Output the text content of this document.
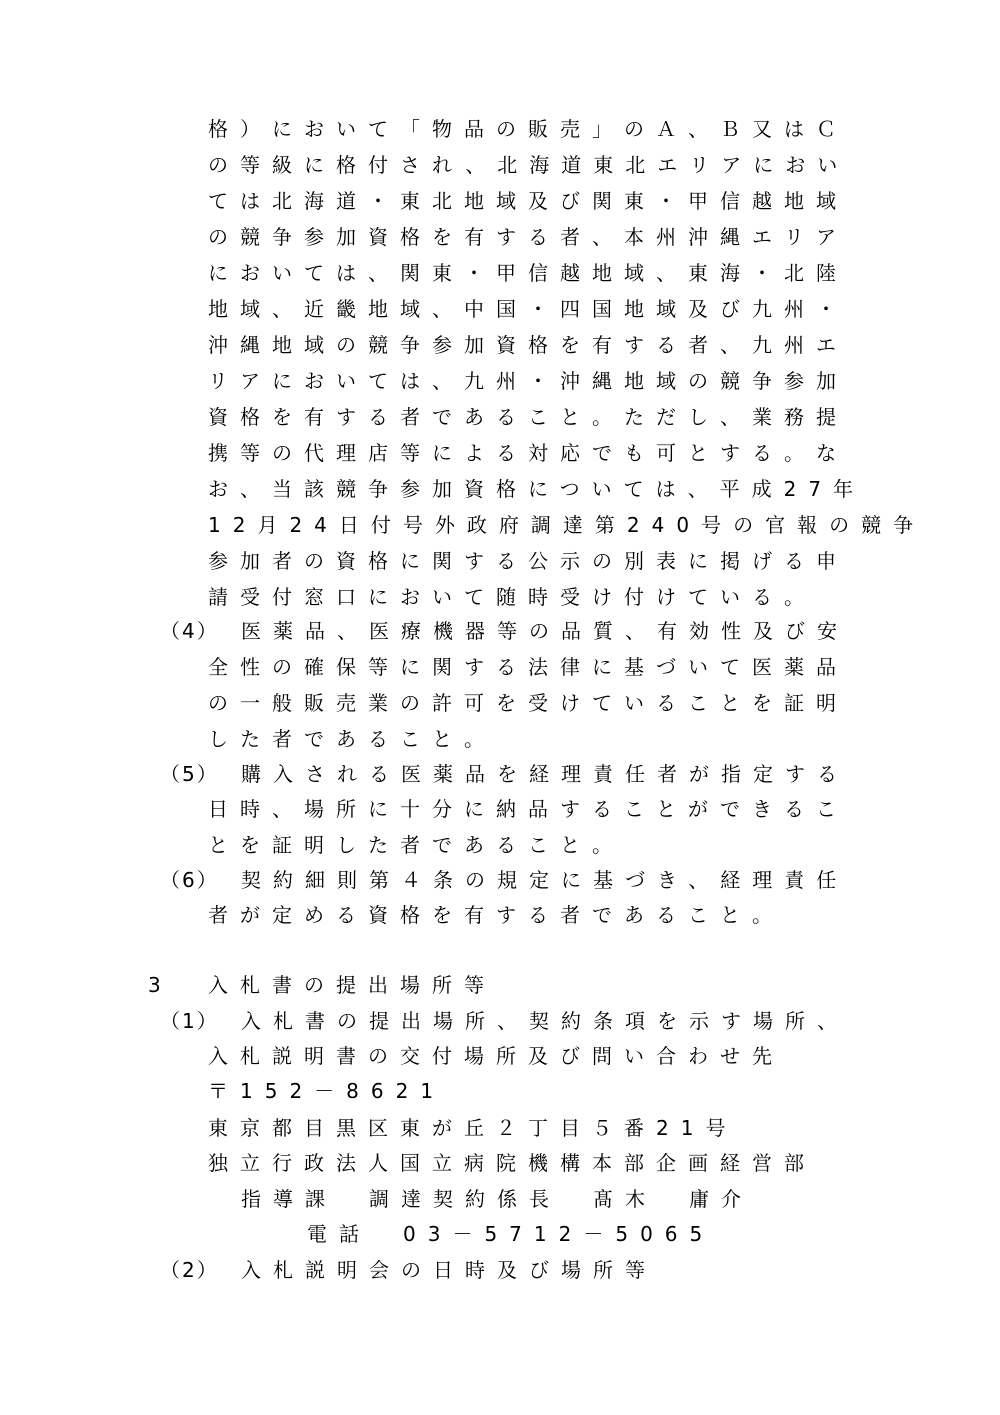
格）において「物品の販売」のＡ、Ｂ又はＣ
の等級に格付され、北海道東北エリアにおい
ては北海道・東北地域及び関東・甲信越地域
の競争参加資格を有する者、本州沖縄エリア
においては、関東・甲信越地域、東海・北陸
地域、近畿地域、中国・四国地域及び九州・
沖縄地域の競争参加資格を有する者、九州エ
リアにおいては、九州・沖縄地域の競争参加
資格を有する者であること。ただし、業務提
携等の代理店等による対応でも可とする。な
お、当該競争参加資格については、平成27年
12月24日付号外政府調達第240号の官報の競争
参加者の資格に関する公示の別表に掲げる申
請受付窓口において随時受け付けている。
（4） 医薬品、医療機器等の品質、有効性及び安
全性の確保等に関する法律に基づいて医薬品
の一般販売業の許可を受けていることを証明
した者であること。
（5） 購入される医薬品を経理責任者が指定する
日時、場所に十分に納品することができるこ
とを証明した者であること。
（6） 契約細則第４条の規定に基づき、経理責任
者が定める資格を有する者であること。
3 入札書の提出場所等
（1） 入札書の提出場所、契約条項を示す場所、
入札説明書の交付場所及び問い合わせ先
〒152－8621
東京都目黒区東が丘２丁目５番21号
独立行政法人国立病院機構本部企画経営部
指導課　調達契約係長　髙木　庸介
電話　03－5712－5065
（2） 入札説明会の日時及び場所等
